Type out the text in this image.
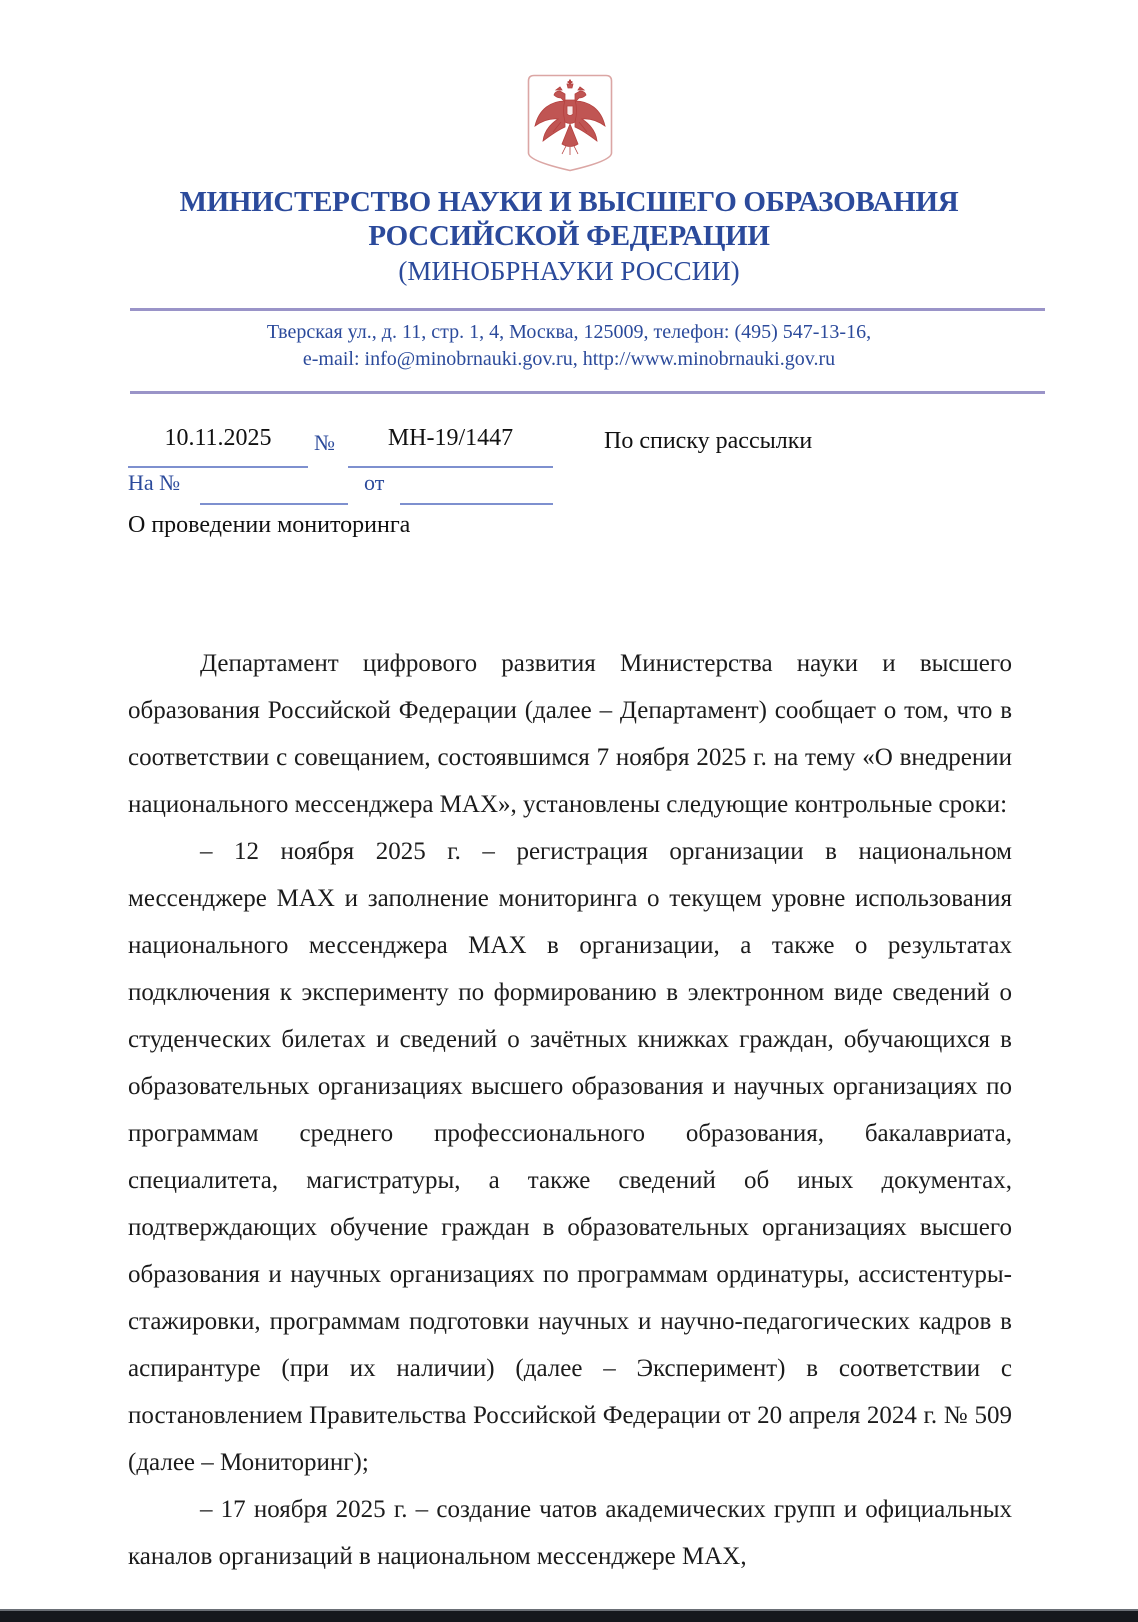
МИНИСТЕРСТВО НАУКИ И ВЫСШЕГО ОБРАЗОВАНИЯ
РОССИЙСКОЙ ФЕДЕРАЦИИ
(МИНОБРНАУКИ РОССИИ)
Тверская ул., д. 11, стр. 1, 4, Москва, 125009, телефон: (495) 547-13-16,
e-mail: info@minobrnauki.gov.ru, http://www.minobrnauki.gov.ru
10.11.2025	№	МН-19/1447	По списку рассылки
На №	от
О проведении мониторинга

Департамент цифрового развития Министерства науки и высшего образования Российской Федерации (далее – Департамент) сообщает о том, что в соответствии с совещанием, состоявшимся 7 ноября 2025 г. на тему «О внедрении национального мессенджера МАХ», установлены следующие контрольные сроки:

– 12 ноября 2025 г. – регистрация организации в национальном мессенджере МАХ и заполнение мониторинга о текущем уровне использования национального мессенджера МАХ в организации, а также о результатах подключения к эксперименту по формированию в электронном виде сведений о студенческих билетах и сведений о зачётных книжках граждан, обучающихся в образовательных организациях высшего образования и научных организациях по программам среднего профессионального образования, бакалавриата, специалитета, магистратуры, а также сведений об иных документах, подтверждающих обучение граждан в образовательных организациях высшего образования и научных организациях по программам ординатуры, ассистентуры-стажировки, программам подготовки научных и научно-педагогических кадров в аспирантуре (при их наличии) (далее – Эксперимент) в соответствии с постановлением Правительства Российской Федерации от 20 апреля 2024 г. № 509 (далее – Мониторинг);

– 17 ноября 2025 г. – создание чатов академических групп и официальных каналов организаций в национальном мессенджере МАХ,
